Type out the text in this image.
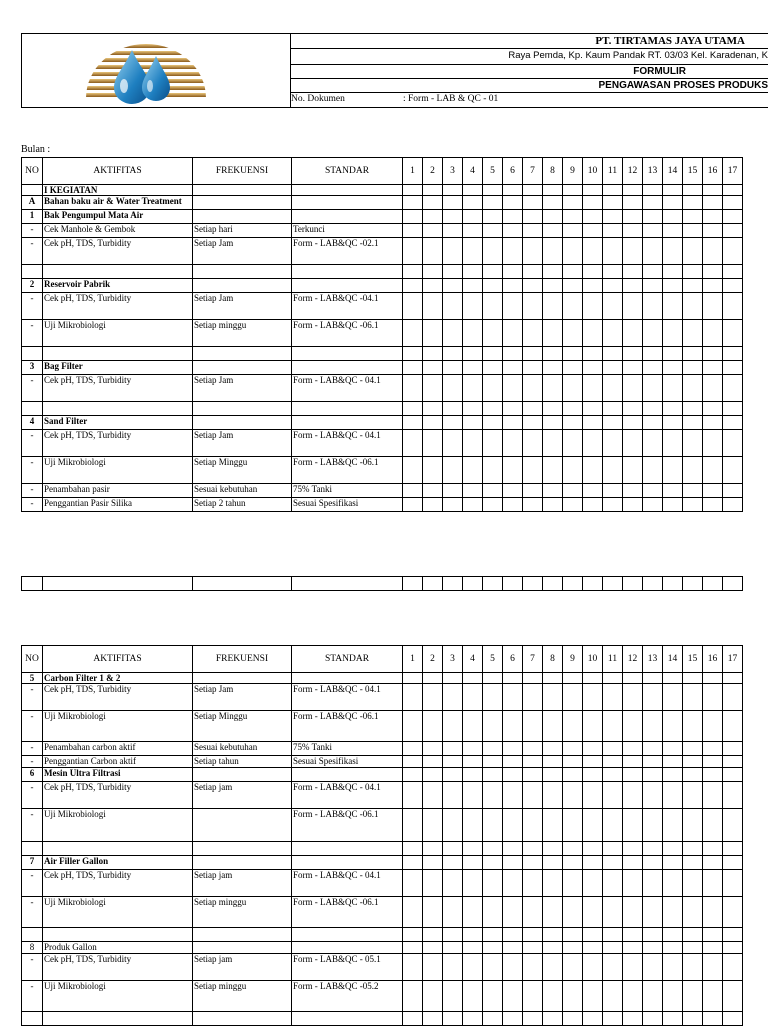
PT. TIRTAMAS JAYA UTAMA
Raya Pemda, Kp. Kaum Pandak RT. 03/03 Kel. Karadenan, K
FORMULIR
PENGAWASAN PROSES PRODUKS
No. Dokumen	: Form - LAB & QC - 01
Bulan :
NO	AKTIFITAS	FREKUENSI	STANDAR	1	2	3	4	5	6	7	8	9	10	11	12	13	14	15	16	17
	I KEGIATAN																			
A	Bahan baku air & Water Treatment																			
1	Bak Pengumpul Mata Air																			
-	Cek Manhole & Gembok	Setiap hari	Terkunci																	
-	Cek pH, TDS, Turbidity	Setiap Jam	Form - LAB&QC -02.1																	

2	Reservoir Pabrik																			
-	Cek pH, TDS, Turbidity	Setiap Jam	Form - LAB&QC -04.1																	
-	Uji Mikrobiologi	Setiap minggu	Form - LAB&QC -06.1																	

3	Bag Filter																			
-	Cek pH, TDS, Turbidity	Setiap Jam	Form - LAB&QC - 04.1																	

4	Sand Filter																			
-	Cek pH, TDS, Turbidity	Setiap Jam	Form - LAB&QC - 04.1																	
-	Uji Mikrobiologi	Setiap Minggu	Form - LAB&QC -06.1																	
-	Penambahan pasir	Sesuai kebutuhan	75% Tanki																	
-	Penggantian Pasir Silika	Setiap 2 tahun	Sesuai Spesifikasi																	

NO	AKTIFITAS	FREKUENSI	STANDAR	1	2	3	4	5	6	7	8	9	10	11	12	13	14	15	16	17
5	Carbon Filter 1 & 2																			
-	Cek pH, TDS, Turbidity	Setiap Jam	Form - LAB&QC - 04.1																	
-	Uji Mikrobiologi	Setiap Minggu	Form - LAB&QC -06.1																	
-	Penambahan carbon aktif	Sesuai kebutuhan	75% Tanki																	
-	Penggantian Carbon aktif	Setiap tahun	Sesuai Spesifikasi																	
6	Mesin Ultra Filtrasi																			
-	Cek pH, TDS, Turbidity	Setiap jam	Form - LAB&QC - 04.1																	
-	Uji Mikrobiologi		Form - LAB&QC -06.1																	

7	Air Filler Gallon																			
-	Cek pH, TDS, Turbidity	Setiap jam	Form - LAB&QC - 04.1																	
-	Uji Mikrobiologi	Setiap minggu	Form - LAB&QC -06.1																	

8	Produk Gallon																			
-	Cek pH, TDS, Turbidity	Setiap jam	Form - LAB&QC - 05.1																	
-	Uji Mikrobiologi	Setiap minggu	Form - LAB&QC -05.2																	
